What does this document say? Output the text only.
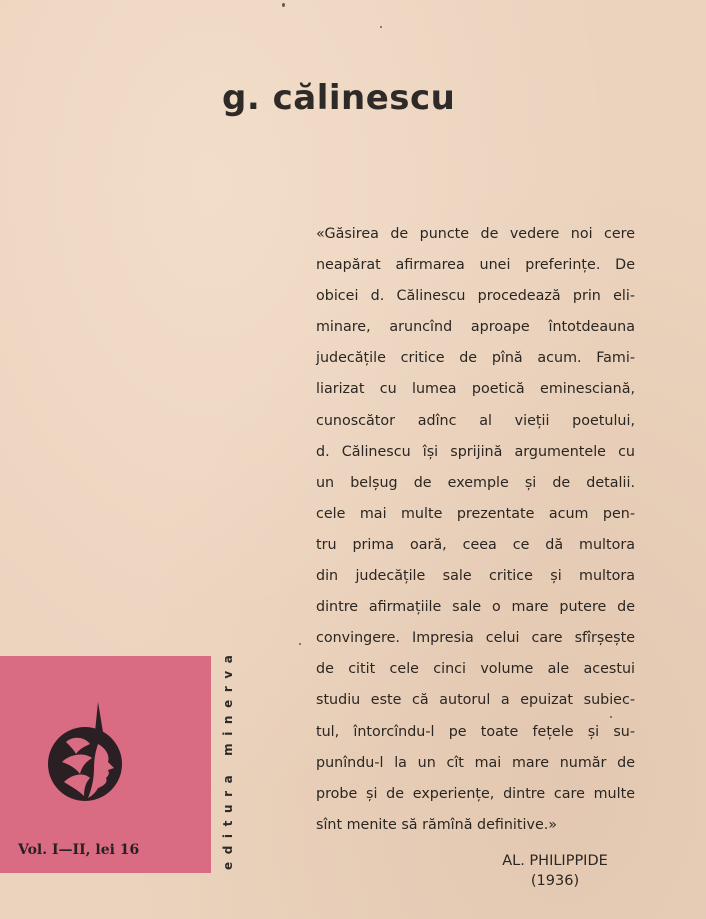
g. călinescu
«Găsirea de puncte de vedere noi cere
neapărat afirmarea unei preferințe. De
obicei d. Călinescu procedează prin eli-
minare, aruncînd aproape întotdeauna
judecățile critice de pînă acum. Fami-
liarizat cu lumea poetică eminesciană,
cunoscător adînc al vieții poetului,
d. Călinescu își sprijină argumentele cu
un belșug de exemple și de detalii.
cele mai multe prezentate acum pen-
tru prima oară, ceea ce dă multora
din judecățile sale critice și multora
dintre afirmațiile sale o mare putere de
convingere. Impresia celui care sfîrșește
de citit cele cinci volume ale acestui
studiu este că autorul a epuizat subiec-
tul, întorcîndu-l pe toate fețele și su-
punîndu-l la un cît mai mare număr de
probe și de experiențe, dintre care multe
sînt menite să rămînă definitive.»
AL. PHILIPPIDE
(1936)
Vol. I—II, lei 16	editura minerva
